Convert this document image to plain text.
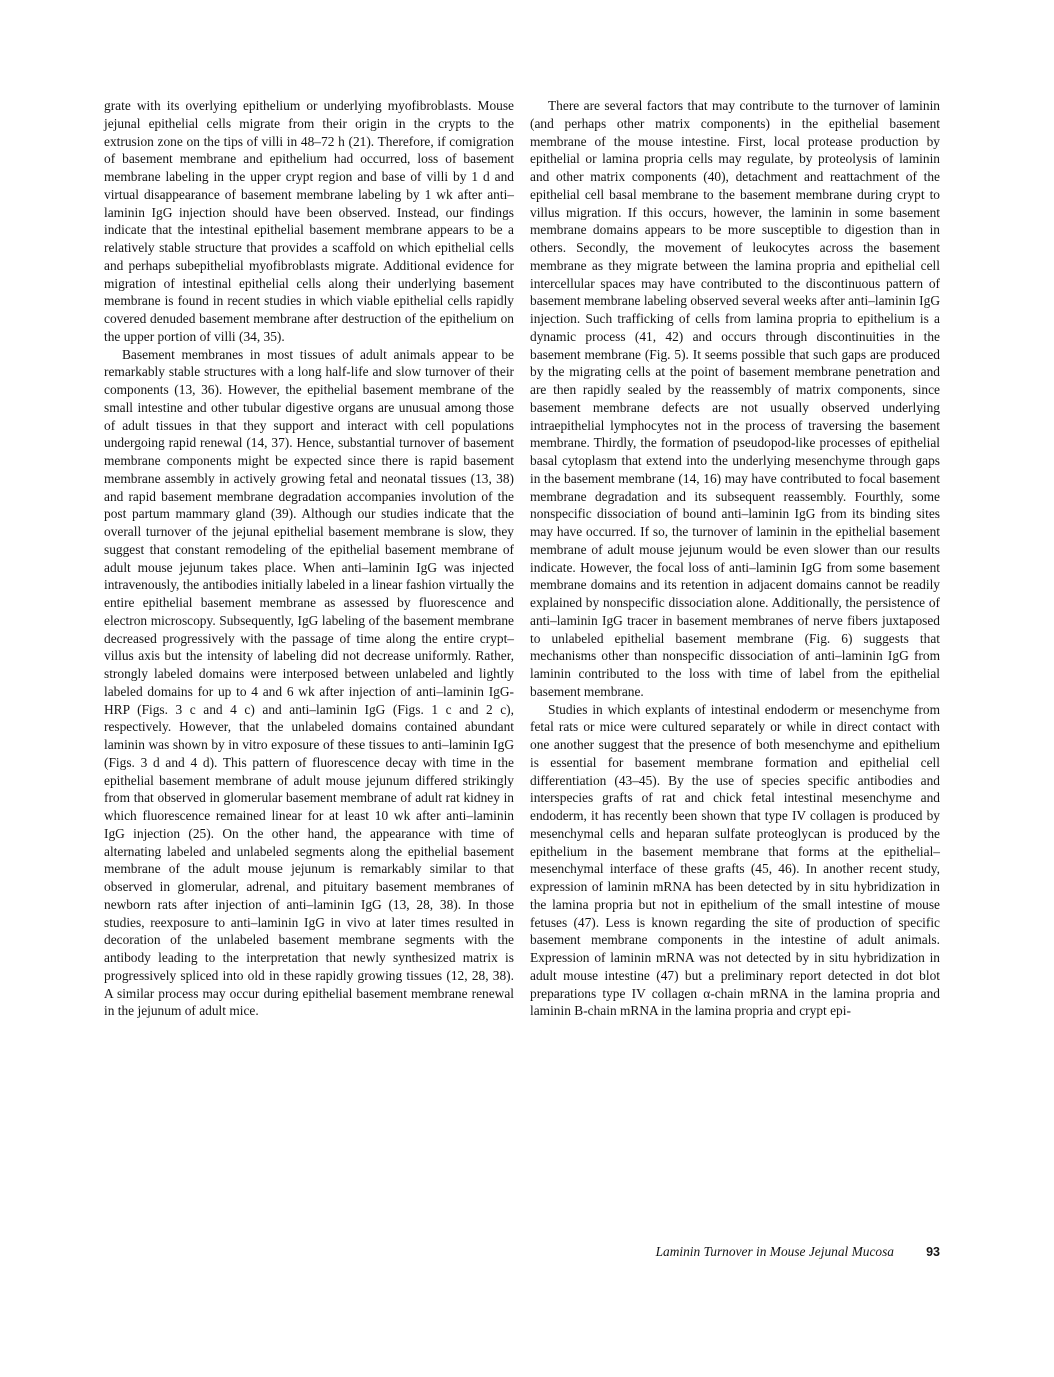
grate with its overlying epithelium or underlying myofibroblasts. Mouse jejunal epithelial cells migrate from their origin in the crypts to the extrusion zone on the tips of villi in 48–72 h (21). Therefore, if comigration of basement membrane and epithelium had occurred, loss of basement membrane labeling in the upper crypt region and base of villi by 1 d and virtual disappearance of basement membrane labeling by 1 wk after anti–laminin IgG injection should have been observed. Instead, our findings indicate that the intestinal epithelial basement membrane appears to be a relatively stable structure that provides a scaffold on which epithelial cells and perhaps subepithelial myofibroblasts migrate. Additional evidence for migration of intestinal epithelial cells along their underlying basement membrane is found in recent studies in which viable epithelial cells rapidly covered denuded basement membrane after destruction of the epithelium on the upper portion of villi (34, 35).

Basement membranes in most tissues of adult animals appear to be remarkably stable structures with a long half-life and slow turnover of their components (13, 36). However, the epithelial basement membrane of the small intestine and other tubular digestive organs are unusual among those of adult tissues in that they support and interact with cell populations undergoing rapid renewal (14, 37). Hence, substantial turnover of basement membrane components might be expected since there is rapid basement membrane assembly in actively growing fetal and neonatal tissues (13, 38) and rapid basement membrane degradation accompanies involution of the post partum mammary gland (39). Although our studies indicate that the overall turnover of the jejunal epithelial basement membrane is slow, they suggest that constant remodeling of the epithelial basement membrane of adult mouse jejunum takes place. When anti–laminin IgG was injected intravenously, the antibodies initially labeled in a linear fashion virtually the entire epithelial basement membrane as assessed by fluorescence and electron microscopy. Subsequently, IgG labeling of the basement membrane decreased progressively with the passage of time along the entire crypt–villus axis but the intensity of labeling did not decrease uniformly. Rather, strongly labeled domains were interposed between unlabeled and lightly labeled domains for up to 4 and 6 wk after injection of anti–laminin IgG-HRP (Figs. 3 c and 4 c) and anti–laminin IgG (Figs. 1 c and 2 c), respectively. However, that the unlabeled domains contained abundant laminin was shown by in vitro exposure of these tissues to anti–laminin IgG (Figs. 3 d and 4 d). This pattern of fluorescence decay with time in the epithelial basement membrane of adult mouse jejunum differed strikingly from that observed in glomerular basement membrane of adult rat kidney in which fluorescence remained linear for at least 10 wk after anti–laminin IgG injection (25). On the other hand, the appearance with time of alternating labeled and unlabeled segments along the epithelial basement membrane of the adult mouse jejunum is remarkably similar to that observed in glomerular, adrenal, and pituitary basement membranes of newborn rats after injection of anti–laminin IgG (13, 28, 38). In those studies, reexposure to anti–laminin IgG in vivo at later times resulted in decoration of the unlabeled basement membrane segments with the antibody leading to the interpretation that newly synthesized matrix is progressively spliced into old in these rapidly growing tissues (12, 28, 38). A similar process may occur during epithelial basement membrane renewal in the jejunum of adult mice.

There are several factors that may contribute to the turnover of laminin (and perhaps other matrix components) in the epithelial basement membrane of the mouse intestine. First, local protease production by epithelial or lamina propria cells may regulate, by proteolysis of laminin and other matrix components (40), detachment and reattachment of the epithelial cell basal membrane to the basement membrane during crypt to villus migration. If this occurs, however, the laminin in some basement membrane domains appears to be more susceptible to digestion than in others. Secondly, the movement of leukocytes across the basement membrane as they migrate between the lamina propria and epithelial cell intercellular spaces may have contributed to the discontinuous pattern of basement membrane labeling observed several weeks after anti–laminin IgG injection. Such trafficking of cells from lamina propria to epithelium is a dynamic process (41, 42) and occurs through discontinuities in the basement membrane (Fig. 5). It seems possible that such gaps are produced by the migrating cells at the point of basement membrane penetration and are then rapidly sealed by the reassembly of matrix components, since basement membrane defects are not usually observed underlying intraepithelial lymphocytes not in the process of traversing the basement membrane. Thirdly, the formation of pseudopod-like processes of epithelial basal cytoplasm that extend into the underlying mesenchyme through gaps in the basement membrane (14, 16) may have contributed to focal basement membrane degradation and its subsequent reassembly. Fourthly, some nonspecific dissociation of bound anti–laminin IgG from its binding sites may have occurred. If so, the turnover of laminin in the epithelial basement membrane of adult mouse jejunum would be even slower than our results indicate. However, the focal loss of anti–laminin IgG from some basement membrane domains and its retention in adjacent domains cannot be readily explained by nonspecific dissociation alone. Additionally, the persistence of anti–laminin IgG tracer in basement membranes of nerve fibers juxtaposed to unlabeled epithelial basement membrane (Fig. 6) suggests that mechanisms other than nonspecific dissociation of anti–laminin IgG from laminin contributed to the loss with time of label from the epithelial basement membrane.

Studies in which explants of intestinal endoderm or mesenchyme from fetal rats or mice were cultured separately or while in direct contact with one another suggest that the presence of both mesenchyme and epithelium is essential for basement membrane formation and epithelial cell differentiation (43–45). By the use of species specific antibodies and interspecies grafts of rat and chick fetal intestinal mesenchyme and endoderm, it has recently been shown that type IV collagen is produced by mesenchymal cells and heparan sulfate proteoglycan is produced by the epithelium in the basement membrane that forms at the epithelial–mesenchymal interface of these grafts (45, 46). In another recent study, expression of laminin mRNA has been detected by in situ hybridization in the lamina propria but not in epithelium of the small intestine of mouse fetuses (47). Less is known regarding the site of production of specific basement membrane components in the intestine of adult animals. Expression of laminin mRNA was not detected by in situ hybridization in adult mouse intestine (47) but a preliminary report detected in dot blot preparations type IV collagen α-chain mRNA in the lamina propria and laminin B-chain mRNA in the lamina propria and crypt epi-

Laminin Turnover in Mouse Jejunal Mucosa	93
